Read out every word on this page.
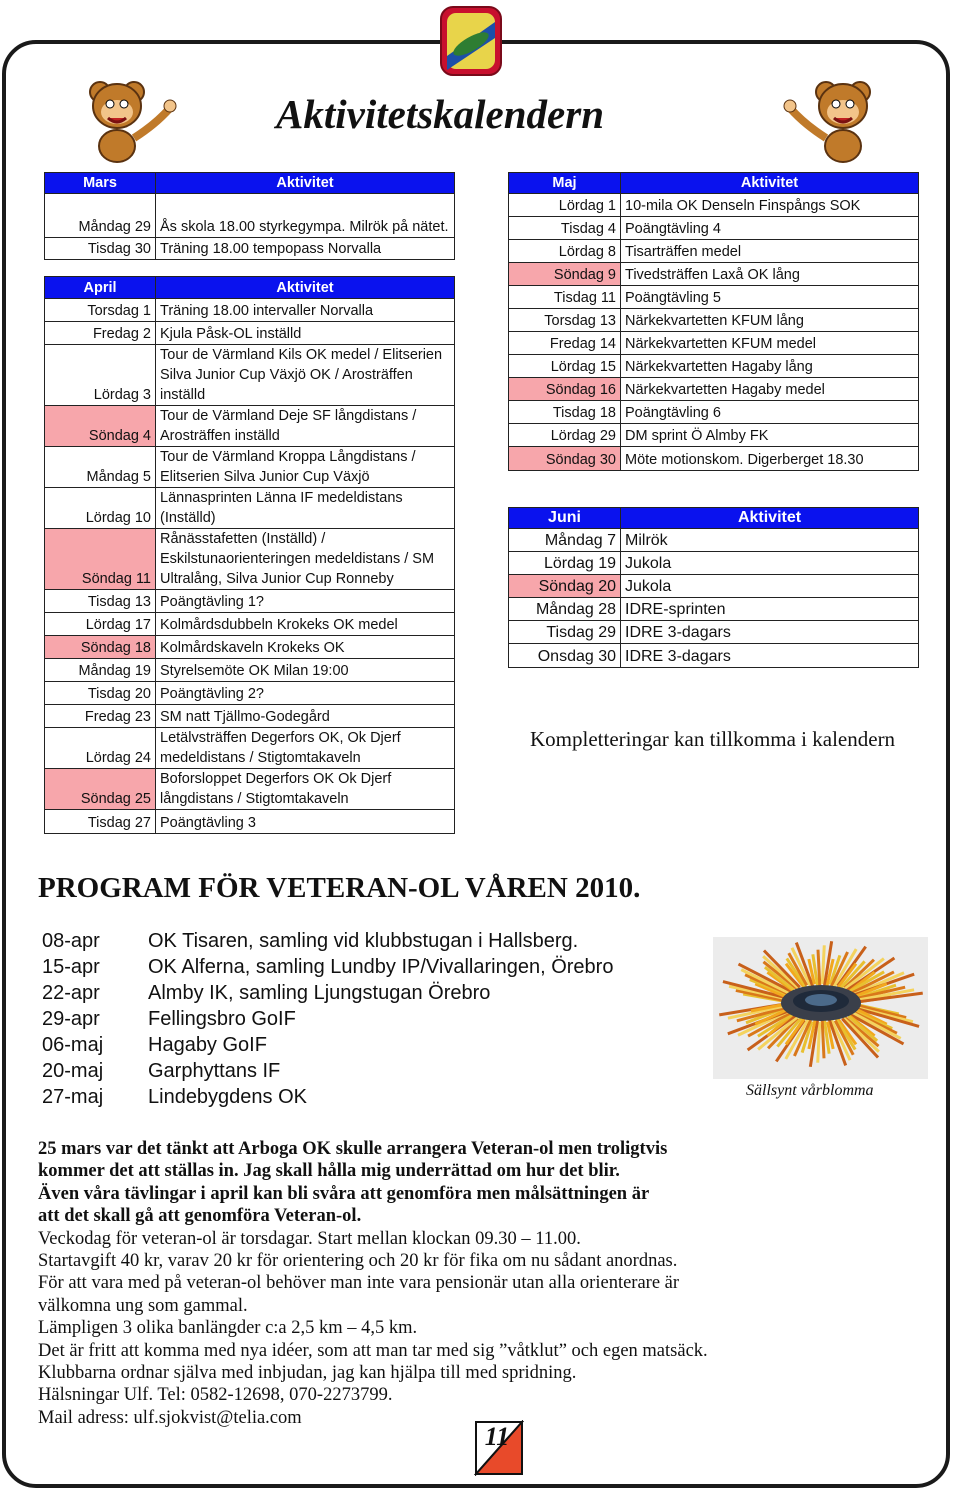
Aktivitetskalendern
Mars	Aktivitet
Måndag 29	Ås skola 18.00 styrkegympa. Milrök på nätet.
Tisdag 30	Träning 18.00 tempopass Norvalla
April	Aktivitet
Torsdag 1	Träning 18.00 intervaller Norvalla
Fredag 2	Kjula Påsk-OL inställd
Lördag 3	Tour de Värmland Kils OK medel / Elitserien Silva Junior Cup Växjö OK / Arosträffen inställd
Söndag 4	Tour de Värmland Deje SF långdistans / Arosträffen inställd
Måndag 5	Tour de Värmland Kroppa Långdistans / Elitserien Silva Junior Cup Växjö
Lördag 10	Lännasprinten Länna IF medeldistans (Inställd)
Söndag 11	Rånässtafetten (Inställd) / Eskilstunaorienteringen medeldistans / SM Ultralång, Silva Junior Cup Ronneby
Tisdag 13	Poängtävling 1?
Lördag 17	Kolmårdsdubbeln Krokeks OK medel
Söndag 18	Kolmårdskaveln Krokeks OK
Måndag 19	Styrelsemöte OK Milan 19:00
Tisdag 20	Poängtävling 2?
Fredag 23	SM natt Tjällmo-Godegård
Lördag 24	Letälvsträffen Degerfors OK, Ok Djerf medeldistans / Stigtomtakaveln
Söndag 25	Boforsloppet Degerfors OK Ok Djerf långdistans / Stigtomtakaveln
Tisdag 27	Poängtävling 3
Maj	Aktivitet
Lördag 1	10-mila OK Denseln Finspångs SOK
Tisdag 4	Poängtävling 4
Lördag 8	Tisarträffen medel
Söndag 9	Tivedsträffen Laxå OK lång
Tisdag 11	Poängtävling 5
Torsdag 13	Närkekvartetten KFUM lång
Fredag 14	Närkekvartetten KFUM medel
Lördag 15	Närkekvartetten Hagaby lång
Söndag 16	Närkekvartetten Hagaby medel
Tisdag 18	Poängtävling 6
Lördag 29	DM sprint Ö Almby FK
Söndag 30	Möte motionskom. Digerberget 18.30
Juni	Aktivitet
Måndag 7	Milrök
Lördag 19	Jukola
Söndag 20	Jukola
Måndag 28	IDRE-sprinten
Tisdag 29	IDRE 3-dagars
Onsdag 30	IDRE 3-dagars
Kompletteringar kan tillkomma i kalendern
PROGRAM FÖR VETERAN-OL VÅREN 2010.
08-apr	OK Tisaren, samling vid klubbstugan i Hallsberg.
15-apr	OK Alferna, samling Lundby IP/Vivallaringen, Örebro
22-apr	Almby IK, samling Ljungstugan Örebro
29-apr	Fellingsbro GoIF
06-maj	Hagaby GoIF
20-maj	Garphyttans IF
27-maj	Lindebygdens OK	Sällsynt vårblomma

25 mars var det tänkt att Arboga OK skulle arrangera Veteran-ol men troligtvis

kommer det att ställas in. Jag skall hålla mig underrättad om hur det blir.

Även våra tävlingar i april kan bli svåra att genomföra men målsättningen är

att det skall gå att genomföra Veteran-ol.

Veckodag för veteran-ol är torsdagar. Start mellan klockan 09.30 – 11.00.

Startavgift 40 kr, varav 20 kr för orientering och 20 kr för fika om nu sådant anordnas.

För att vara med på veteran-ol behöver man inte vara pensionär utan alla orienterare är

välkomna ung som gammal.

Lämpligen 3 olika banlängder c:a 2,5 km – 4,5 km.

Det är fritt att komma med nya idéer, som att man tar med sig ”våtklut” och egen matsäck.

Klubbarna ordnar själva med inbjudan, jag kan hjälpa till med spridning.

Hälsningar Ulf. Tel: 0582-12698, 070-2273799.

Mail adress: ulf.sjokvist@telia.com

11
